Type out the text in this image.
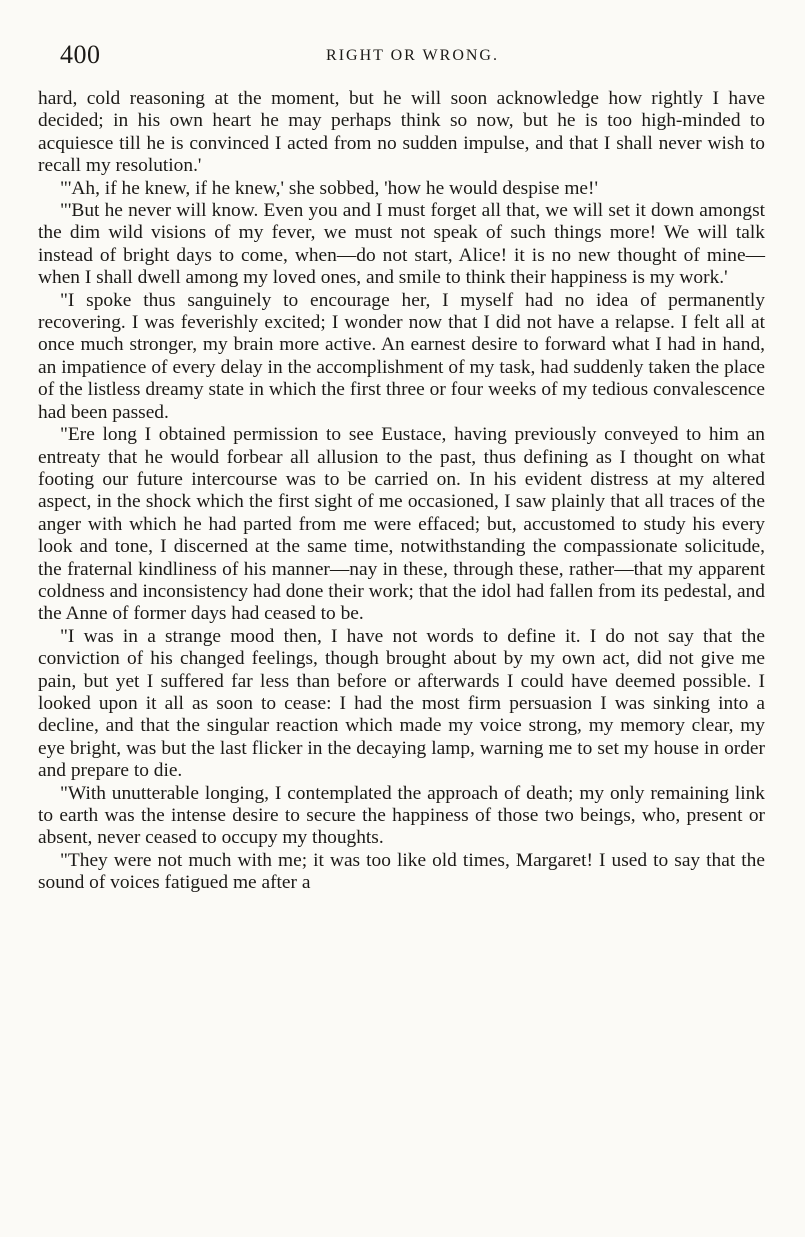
400	RIGHT OR WRONG.

hard, cold reasoning at the moment, but he will soon acknowledge how rightly I have decided; in his own heart he may perhaps think so now, but he is too high-minded to acquiesce till he is convinced I acted from no sudden impulse, and that I shall never wish to recall my resolution.'

"'Ah, if he knew, if he knew,' she sobbed, 'how he would despise me!'

"'But he never will know. Even you and I must forget all that, we will set it down amongst the dim wild visions of my fever, we must not speak of such things more! We will talk instead of bright days to come, when—do not start, Alice! it is no new thought of mine—when I shall dwell among my loved ones, and smile to think their happiness is my work.'

"I spoke thus sanguinely to encourage her, I myself had no idea of permanently recovering. I was feverishly excited; I wonder now that I did not have a relapse. I felt all at once much stronger, my brain more active. An earnest desire to forward what I had in hand, an impatience of every delay in the accomplishment of my task, had suddenly taken the place of the listless dreamy state in which the first three or four weeks of my tedious convalescence had been passed.

"Ere long I obtained permission to see Eustace, having previously conveyed to him an entreaty that he would forbear all allusion to the past, thus defining as I thought on what footing our future intercourse was to be carried on. In his evident distress at my altered aspect, in the shock which the first sight of me occasioned, I saw plainly that all traces of the anger with which he had parted from me were effaced; but, accustomed to study his every look and tone, I discerned at the same time, notwithstanding the compassionate solicitude, the fraternal kindliness of his manner—nay in these, through these, rather—that my apparent coldness and inconsistency had done their work; that the idol had fallen from its pedestal, and the Anne of former days had ceased to be.

"I was in a strange mood then, I have not words to define it. I do not say that the conviction of his changed feelings, though brought about by my own act, did not give me pain, but yet I suffered far less than before or afterwards I could have deemed possible. I looked upon it all as soon to cease: I had the most firm persuasion I was sinking into a decline, and that the singular reaction which made my voice strong, my memory clear, my eye bright, was but the last flicker in the decaying lamp, warning me to set my house in order and prepare to die.

"With unutterable longing, I contemplated the approach of death; my only remaining link to earth was the intense desire to secure the happiness of those two beings, who, present or absent, never ceased to occupy my thoughts.

"They were not much with me; it was too like old times, Margaret! I used to say that the sound of voices fatigued me after a
